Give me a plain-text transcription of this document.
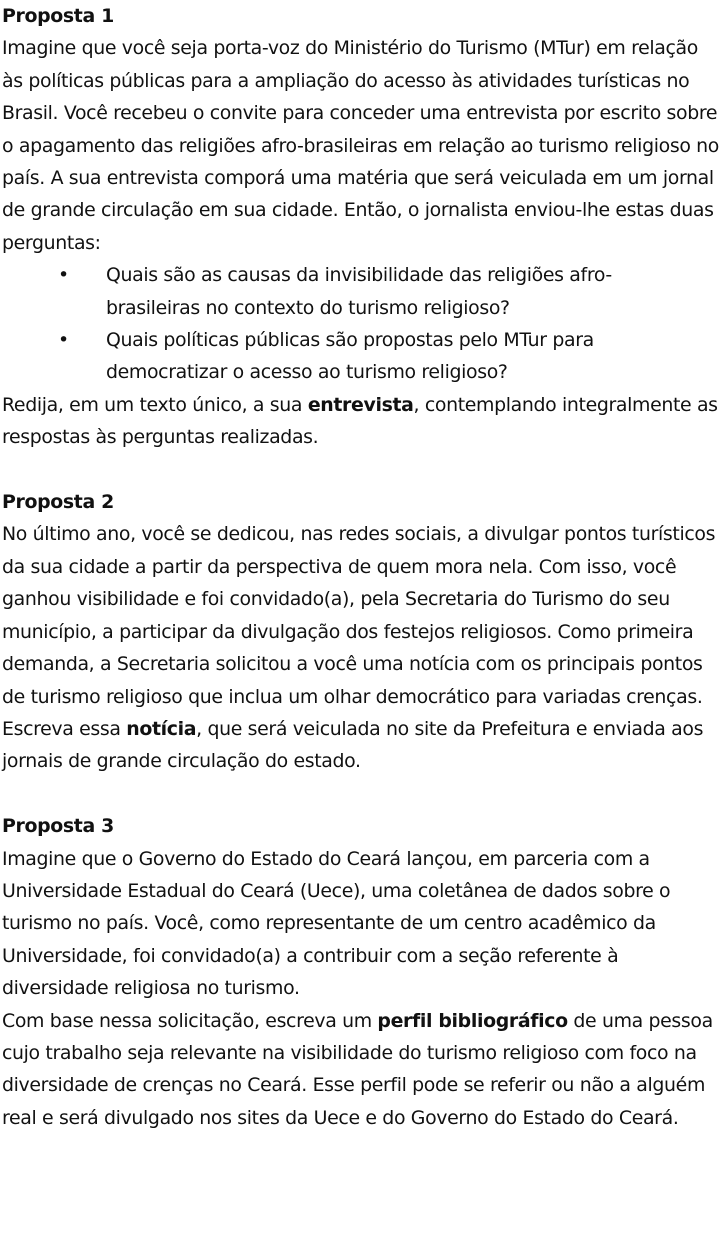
Proposta 1

Imagine que você seja porta-voz do Ministério do Turismo (MTur) em relação às políticas públicas para a ampliação do acesso às atividades turísticas no Brasil. Você recebeu o convite para conceder uma entrevista por escrito sobre o apagamento das religiões afro-brasileiras em relação ao turismo religioso no país. A sua entrevista comporá uma matéria que será veiculada em um jornal de grande circulação em sua cidade. Então, o jornalista enviou-lhe estas duas perguntas:

• Quais são as causas da invisibilidade das religiões afro-brasileiras no contexto do turismo religioso?
• Quais políticas públicas são propostas pelo MTur para democratizar o acesso ao turismo religioso?

Redija, em um texto único, a sua entrevista, contemplando integralmente as respostas às perguntas realizadas.

Proposta 2

No último ano, você se dedicou, nas redes sociais, a divulgar pontos turísticos da sua cidade a partir da perspectiva de quem mora nela. Com isso, você ganhou visibilidade e foi convidado(a), pela Secretaria do Turismo do seu município, a participar da divulgação dos festejos religiosos. Como primeira demanda, a Secretaria solicitou a você uma notícia com os principais pontos de turismo religioso que inclua um olhar democrático para variadas crenças.

Escreva essa notícia, que será veiculada no site da Prefeitura e enviada aos jornais de grande circulação do estado.

Proposta 3

Imagine que o Governo do Estado do Ceará lançou, em parceria com a Universidade Estadual do Ceará (Uece), uma coletânea de dados sobre o turismo no país. Você, como representante de um centro acadêmico da Universidade, foi convidado(a) a contribuir com a seção referente à diversidade religiosa no turismo.

Com base nessa solicitação, escreva um perfil bibliográfico de uma pessoa cujo trabalho seja relevante na visibilidade do turismo religioso com foco na diversidade de crenças no Ceará. Esse perfil pode se referir ou não a alguém real e será divulgado nos sites da Uece e do Governo do Estado do Ceará.
